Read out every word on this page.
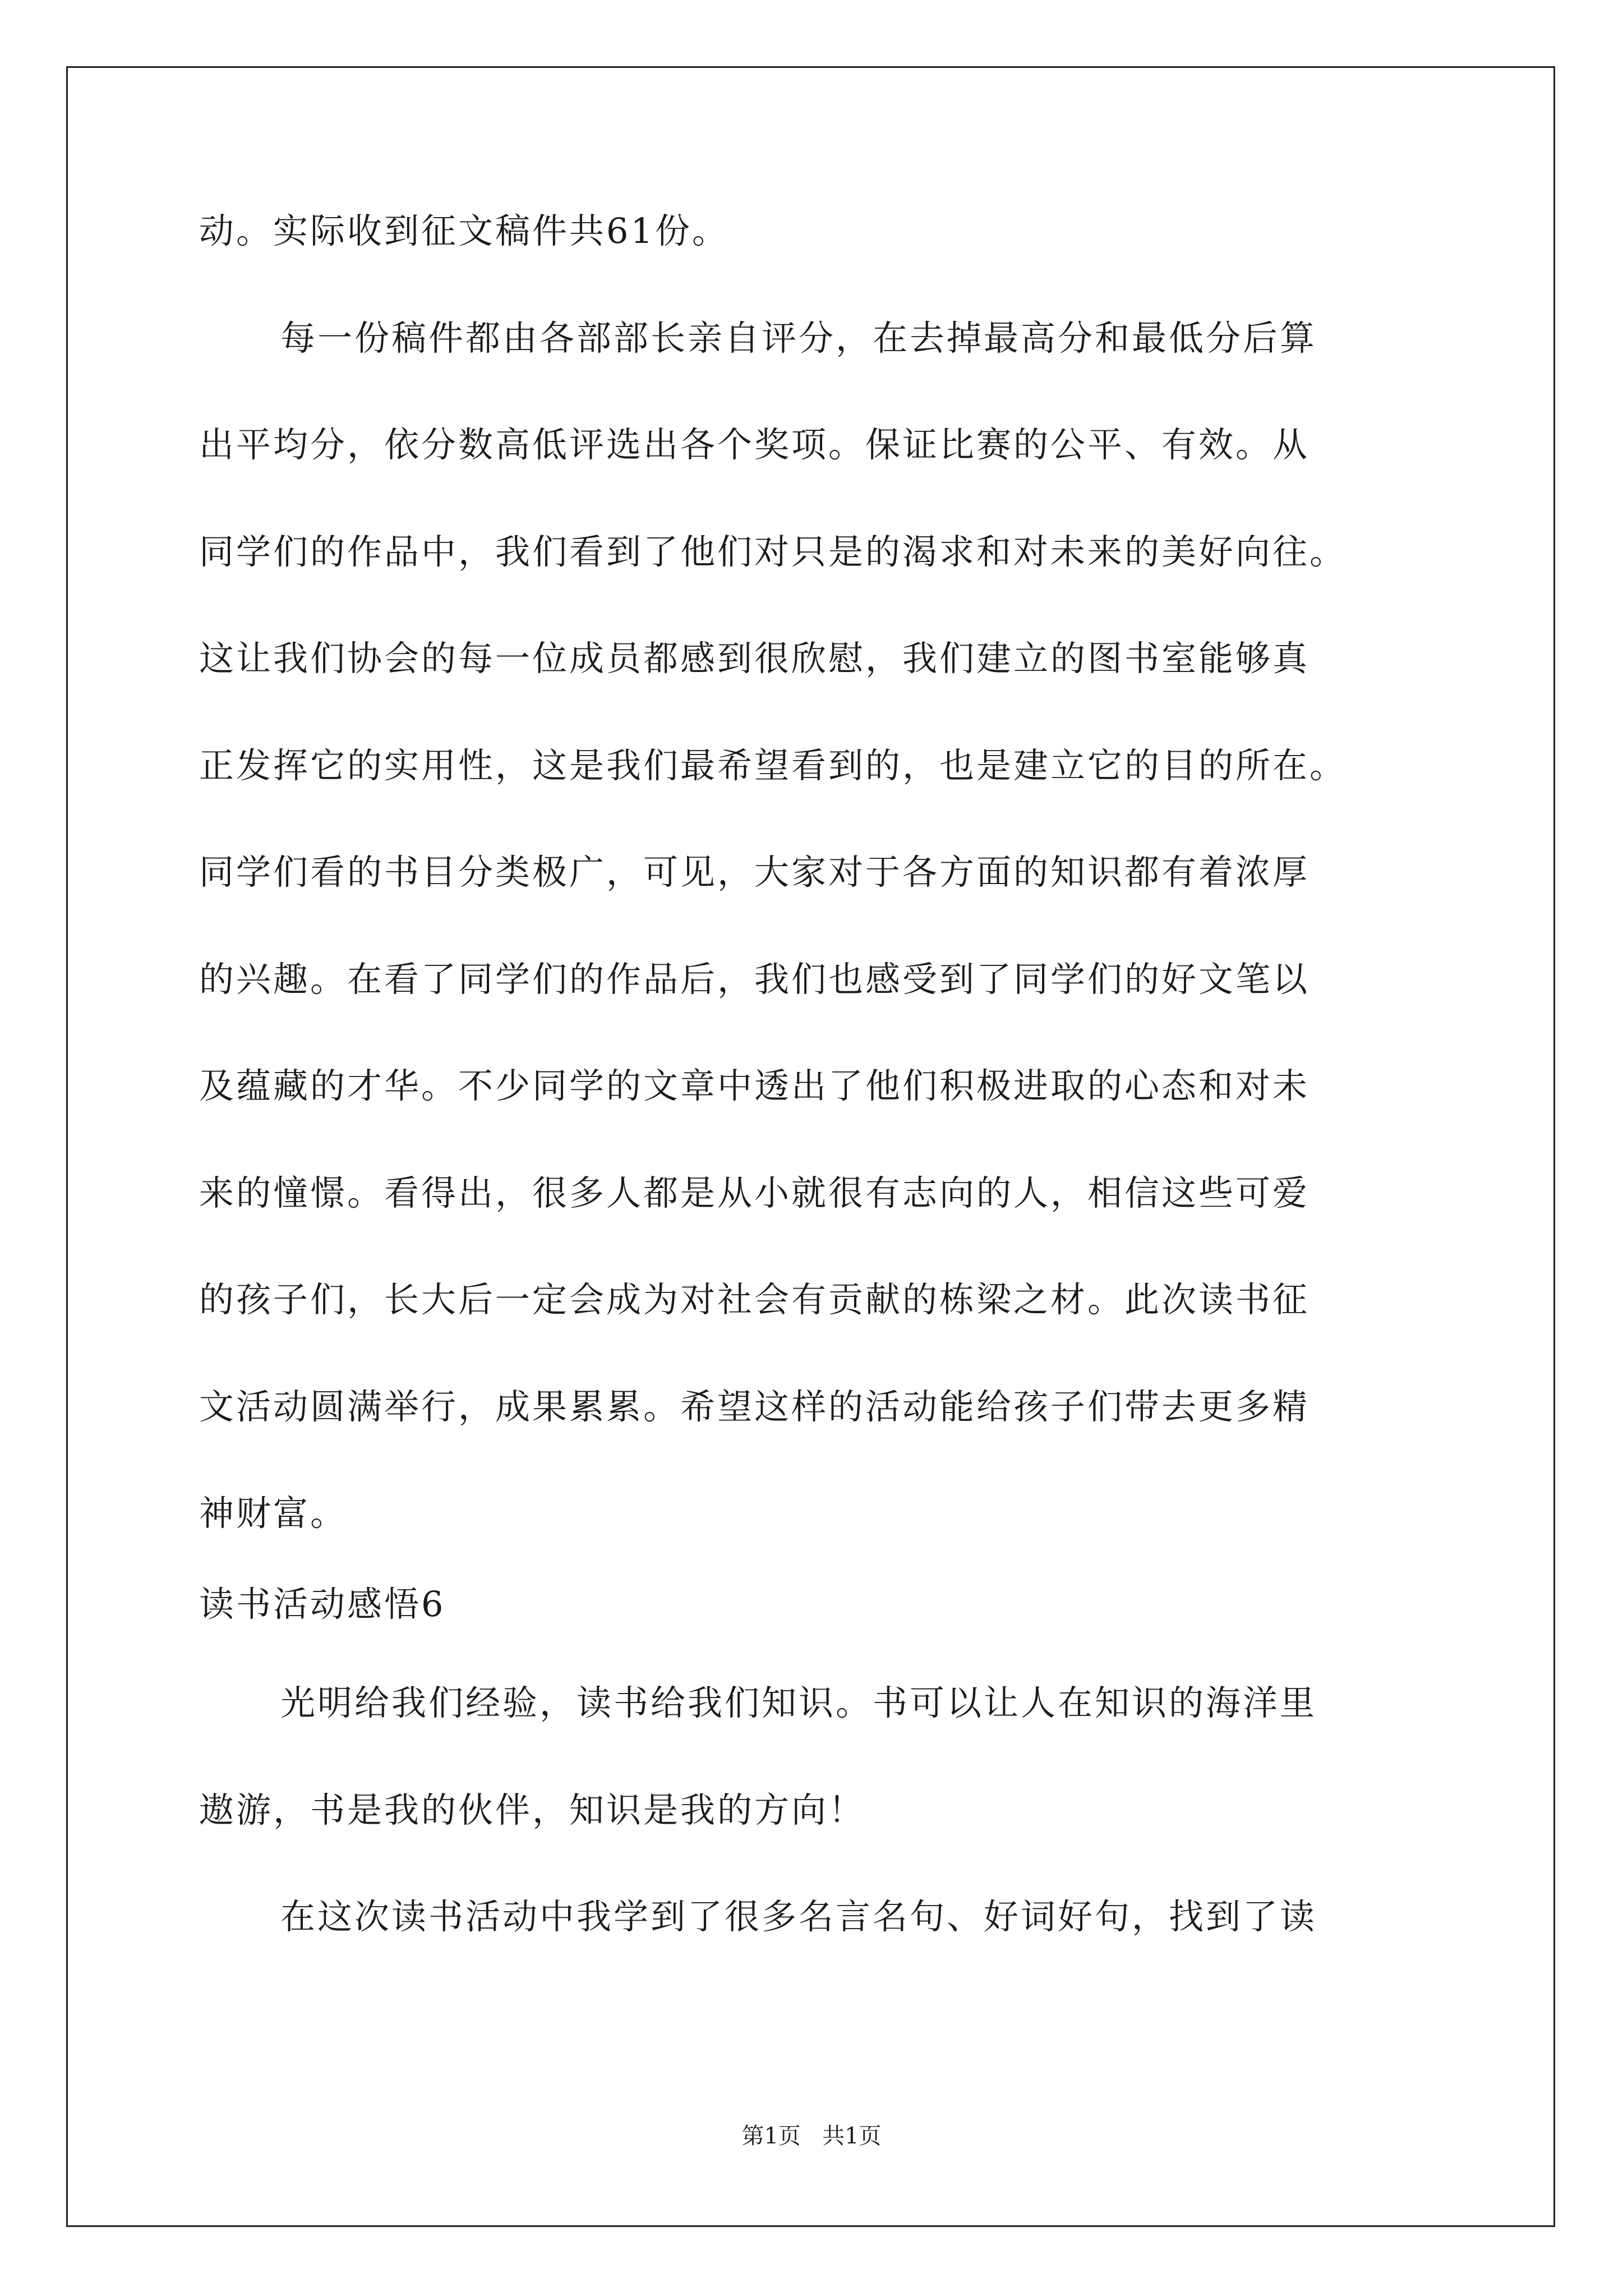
动。实际收到征文稿件共61份。
每一份稿件都由各部部长亲自评分，在去掉最高分和最低分后算
出平均分，依分数高低评选出各个奖项。保证比赛的公平、有效。从
同学们的作品中，我们看到了他们对只是的渴求和对未来的美好向往。
这让我们协会的每一位成员都感到很欣慰，我们建立的图书室能够真
正发挥它的实用性，这是我们最希望看到的，也是建立它的目的所在。
同学们看的书目分类极广，可见，大家对于各方面的知识都有着浓厚
的兴趣。在看了同学们的作品后，我们也感受到了同学们的好文笔以
及蕴藏的才华。不少同学的文章中透出了他们积极进取的心态和对未
来的憧憬。看得出，很多人都是从小就很有志向的人，相信这些可爱
的孩子们，长大后一定会成为对社会有贡献的栋梁之材。此次读书征
文活动圆满举行，成果累累。希望这样的活动能给孩子们带去更多精
神财富。
读书活动感悟6
光明给我们经验，读书给我们知识。书可以让人在知识的海洋里
遨游，书是我的伙伴，知识是我的方向！
在这次读书活动中我学到了很多名言名句、好词好句，找到了读
第1页 共1页
